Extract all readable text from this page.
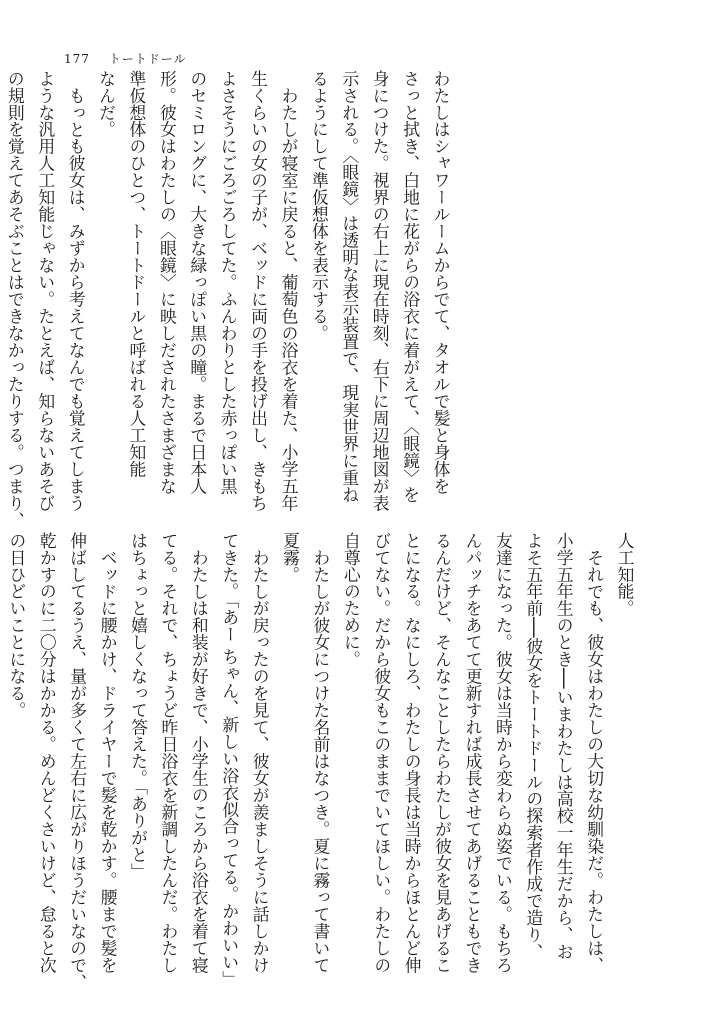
177 トートドール
わたしはシャワールームからでて、タオルで髪と身体を
さっと拭き、白地に花がらの浴衣に着がえて、〈眼鏡〉を
身につけた。視界の右上に現在時刻、右下に周辺地図が表
示される。〈眼鏡〉は透明な表示装置で、現実世界に重ね
るようにして準仮想体を表示する。
わたしが寝室に戻ると、葡萄色の浴衣を着た、小学五年
生くらいの女の子が、ベッドに両の手を投げ出し、きもち
よさそうにごろごろしてた。ふんわりとした赤っぽい黒
のセミロングに、大きな緑っぽい黒の瞳。まるで日本人
形。彼女はわたしの〈眼鏡〉に映しだされたさまざまな
準仮想体のひとつ、トートドールと呼ばれる人工知能
なんだ。
もっとも彼女は、みずから考えてなんでも覚えてしまう
ような汎用人工知能じゃない。たとえば、知らないあそび
の規則を覚えてあそぶことはできなかったりする。つまり、
人工知能。
それでも、彼女はわたしの大切な幼馴染だ。わたしは、
小学五年生のとき──いまわたしは高校一年生だから、お
よそ五年前──彼女をトートドールの探索者作成で造り、
友達になった。彼女は当時から変わらぬ姿でいる。もちろ
んパッチをあてて更新すれば成長させてあげることもでき
るんだけど、そんなことしたらわたしが彼女を見あげるこ
とになる。なにしろ、わたしの身長は当時からほとんど伸
びてない。だから彼女もこのままでいてほしい。わたしの
自尊心のために。
わたしが彼女につけた名前はなつき。夏に霧って書いて
夏霧。
わたしが戻ったのを見て、彼女が羨ましそうに話しかけ
てきた。「あー ちゃん、新しい浴衣似合ってる。かわいい」
わたしは和装が好きで、小学生のころから浴衣を着て寝
てる。それで、ちょうど昨日浴衣を新調したんだ。わたし
はちょっと嬉しくなって答えた。「ありがと」
ベッドに腰かけ、ドライヤーで髪を乾かす。腰まで髪を
伸ばしてるうえ、量が多くて左右に広がりほうだいなので、
乾かすのに二〇分はかかる。めんどくさいけど、怠ると次
の日ひどいことになる。
